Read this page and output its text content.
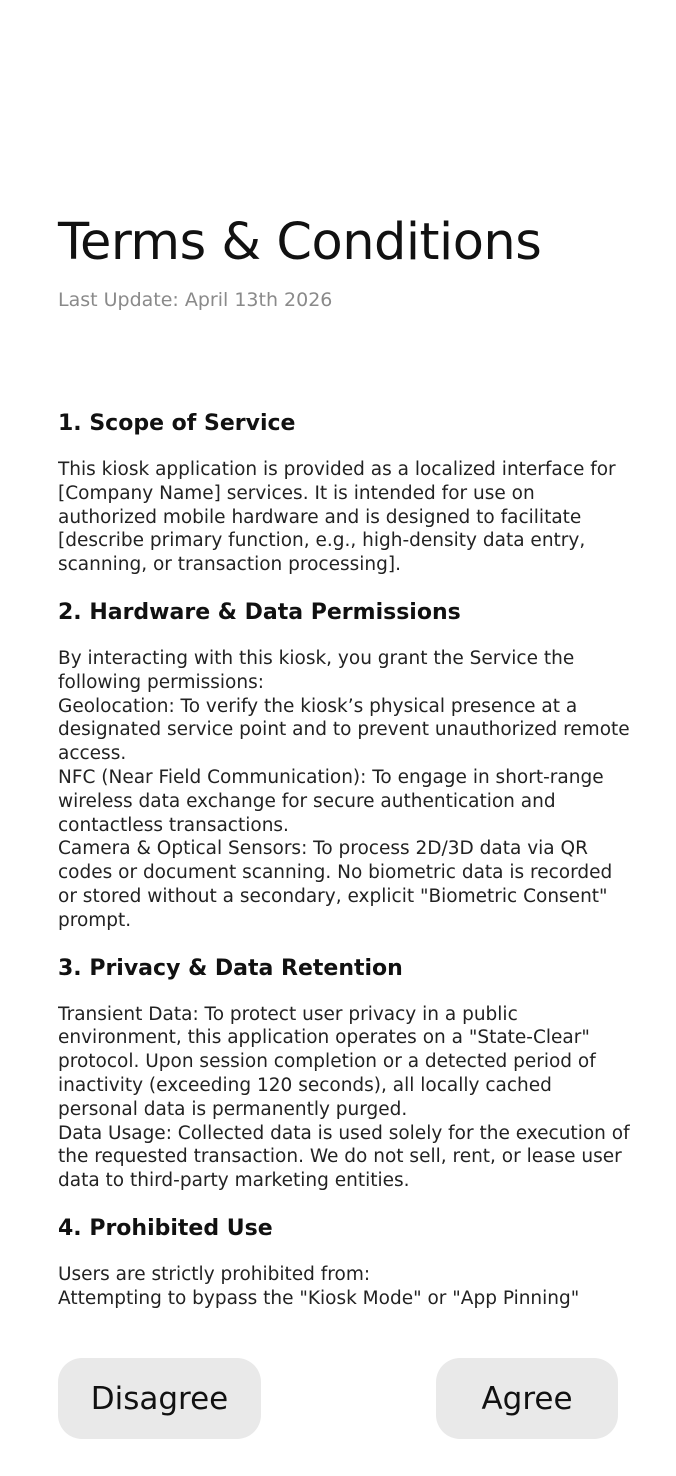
Terms & Conditions
Last Update: April 13th 2026
1. Scope of Service

This kiosk application is provided as a localized interface for [Company Name] services. It is intended for use on authorized mobile hardware and is designed to facilitate [describe primary function, e.g., high-density data entry, scanning, or transaction processing].

2. Hardware & Data Permissions

By interacting with this kiosk, you grant the Service the following permissions:

Geolocation: To verify the kiosk’s physical presence at a designated service point and to prevent unauthorized remote access.

NFC (Near Field Communication): To engage in short-range wireless data exchange for secure authentication and contactless transactions.

Camera & Optical Sensors: To process 2D/3D data via QR codes or document scanning. No biometric data is recorded or stored without a secondary, explicit "Biometric Consent" prompt.

3. Privacy & Data Retention

Transient Data: To protect user privacy in a public environment, this application operates on a "State-Clear" protocol. Upon session completion or a detected period of inactivity (exceeding 120 seconds), all locally cached personal data is permanently purged.

Data Usage: Collected data is used solely for the execution of the requested transaction. We do not sell, rent, or lease user data to third-party marketing entities.

4. Prohibited Use

Users are strictly prohibited from:

Attempting to bypass the "Kiosk Mode" or "App Pinning"

Disagree	Agree
